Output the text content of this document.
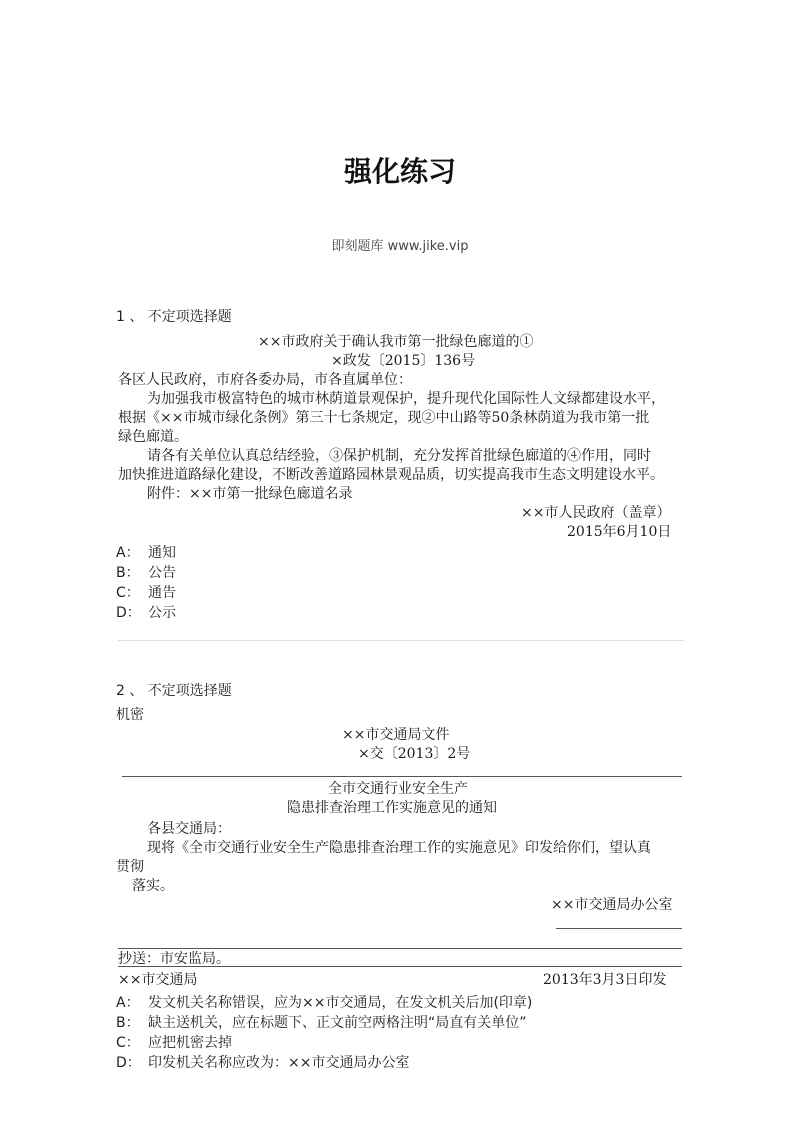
强化练习
即刻题库 www.jike.vip
1 、 不定项选择题
××市政府关于确认我市第一批绿色廊道的①
×政发〔2015〕136号
各区人民政府，市府各委办局，市各直属单位：
为加强我市极富特色的城市林荫道景观保护，提升现代化国际性人文绿都建设水平，
根据《××市城市绿化条例》第三十七条规定，现②中山路等50条林荫道为我市第一批
绿色廊道。
请各有关单位认真总结经验，③保护机制，充分发挥首批绿色廊道的④作用，同时
加快推进道路绿化建设，不断改善道路园林景观品质，切实提高我市生态文明建设水平。
附件：××市第一批绿色廊道名录
××市人民政府（盖章）
2015年6月10日
A： 通知
B： 公告
C： 通告
D： 公示
2 、 不定项选择题
机密
××市交通局文件
×交〔2013〕2号
全市交通行业安全生产
隐患排查治理工作实施意见的通知
各县交通局：
现将《全市交通行业安全生产隐患排查治理工作的实施意见》印发给你们，望认真
贯彻
落实。
××市交通局办公室
抄送：市安监局。
××市交通局	2013年3月3日印发
A： 发文机关名称错误，应为××市交通局，在发文机关后加(印章)
B： 缺主送机关，应在标题下、正文前空两格注明“局直有关单位”
C： 应把机密去掉
D： 印发机关名称应改为：××市交通局办公室
